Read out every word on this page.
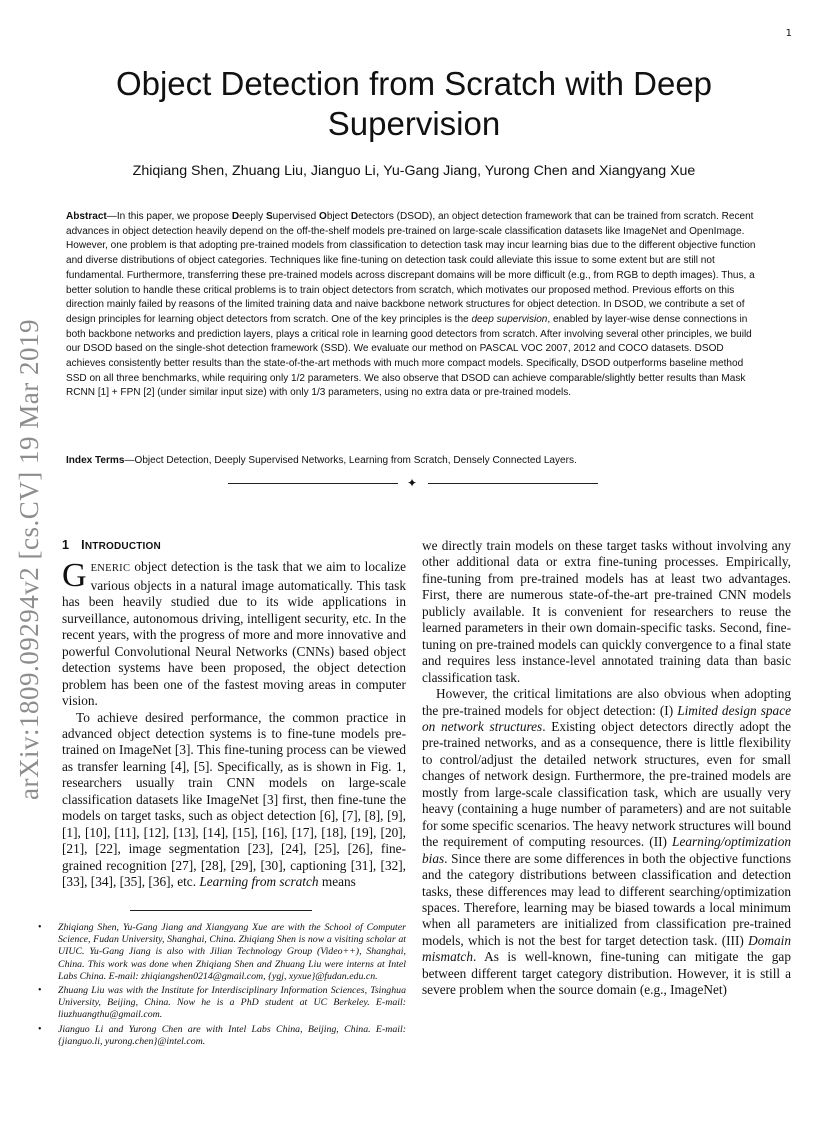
1
Object Detection from Scratch with Deep Supervision
Zhiqiang Shen, Zhuang Liu, Jianguo Li, Yu-Gang Jiang, Yurong Chen and Xiangyang Xue

Abstract—In this paper, we propose Deeply Supervised Object Detectors (DSOD), an object detection framework that can be trained from scratch. Recent advances in object detection heavily depend on the off-the-shelf models pre-trained on large-scale classification datasets like ImageNet and OpenImage. However, one problem is that adopting pre-trained models from classification to detection task may incur learning bias due to the different objective function and diverse distributions of object categories. Techniques like fine-tuning on detection task could alleviate this issue to some extent but are still not fundamental. Furthermore, transferring these pre-trained models across discrepant domains will be more difficult (e.g., from RGB to depth images). Thus, a better solution to handle these critical problems is to train object detectors from scratch, which motivates our proposed method. Previous efforts on this direction mainly failed by reasons of the limited training data and naive backbone network structures for object detection. In DSOD, we contribute a set of design principles for learning object detectors from scratch. One of the key principles is the deep supervision, enabled by layer-wise dense connections in both backbone networks and prediction layers, plays a critical role in learning good detectors from scratch. After involving several other principles, we build our DSOD based on the single-shot detection framework (SSD). We evaluate our method on PASCAL VOC 2007, 2012 and COCO datasets. DSOD achieves consistently better results than the state-of-the-art methods with much more compact models. Specifically, DSOD outperforms baseline method SSD on all three benchmarks, while requiring only 1/2 parameters. We also observe that DSOD can achieve comparable/slightly better results than Mask RCNN [1] + FPN [2] (under similar input size) with only 1/3 parameters, using no extra data or pre-trained models.

Index Terms—Object Detection, Deeply Supervised Networks, Learning from Scratch, Densely Connected Layers.

✦
arXiv:1809.09294v2 [cs.CV] 19 Mar 2019 1 INTRODUCTION

GENERIC object detection is the task that we aim to localize various objects in a natural image automatically. This task has been heavily studied due to its wide applications in surveillance, autonomous driving, intelligent security, etc. In the recent years, with the progress of more and more innovative and powerful Convolutional Neural Networks (CNNs) based object detection systems have been proposed, the object detection problem has been one of the fastest moving areas in computer vision.

To achieve desired performance, the common practice in advanced object detection systems is to fine-tune models pre-trained on ImageNet [3]. This fine-tuning process can be viewed as transfer learning [4], [5]. Specifically, as is shown in Fig. 1, researchers usually train CNN models on large-scale classification datasets like ImageNet [3] first, then fine-tune the models on target tasks, such as object detection [6], [7], [8], [9], [1], [10], [11], [12], [13], [14], [15], [16], [17], [18], [19], [20], [21], [22], image segmentation [23], [24], [25], [26], fine-grained recognition [27], [28], [29], [30], captioning [31], [32], [33], [34], [35], [36], etc. Learning from scratch means

• Zhiqiang Shen, Yu-Gang Jiang and Xiangyang Xue are with the School of Computer Science, Fudan University, Shanghai, China. Zhiqiang Shen is now a visiting scholar at UIUC. Yu-Gang Jiang is also with Jilian Technology Group (Video++), Shanghai, China. This work was done when Zhiqiang Shen and Zhuang Liu were interns at Intel Labs China. E-mail: zhiqiangshen0214@gmail.com, {ygj, xyxue}@fudan.edu.cn.
• Zhuang Liu was with the Institute for Interdisciplinary Information Sciences, Tsinghua University, Beijing, China. Now he is a PhD student at UC Berkeley. E-mail: liuzhuangthu@gmail.com.
• Jianguo Li and Yurong Chen are with Intel Labs China, Beijing, China. E-mail: {jianguo.li, yurong.chen}@intel.com.

we directly train models on these target tasks without involving any other additional data or extra fine-tuning processes. Empirically, fine-tuning from pre-trained models has at least two advantages. First, there are numerous state-of-the-art pre-trained CNN models publicly available. It is convenient for researchers to reuse the learned parameters in their own domain-specific tasks. Second, fine-tuning on pre-trained models can quickly convergence to a final state and requires less instance-level annotated training data than basic classification task.

However, the critical limitations are also obvious when adopting the pre-trained models for object detection: (I) Limited design space on network structures. Existing object detectors directly adopt the pre-trained networks, and as a consequence, there is little flexibility to control/adjust the detailed network structures, even for small changes of network design. Furthermore, the pre-trained models are mostly from large-scale classification task, which are usually very heavy (containing a huge number of parameters) and are not suitable for some specific scenarios. The heavy network structures will bound the requirement of computing resources. (II) Learning/optimization bias. Since there are some differences in both the objective functions and the category distributions between classification and detection tasks, these differences may lead to different searching/optimization spaces. Therefore, learning may be biased towards a local minimum when all parameters are initialized from classification pre-trained models, which is not the best for target detection task. (III) Domain mismatch. As is well-known, fine-tuning can mitigate the gap between different target category distribution. However, it is still a severe problem when the source domain (e.g., ImageNet)
